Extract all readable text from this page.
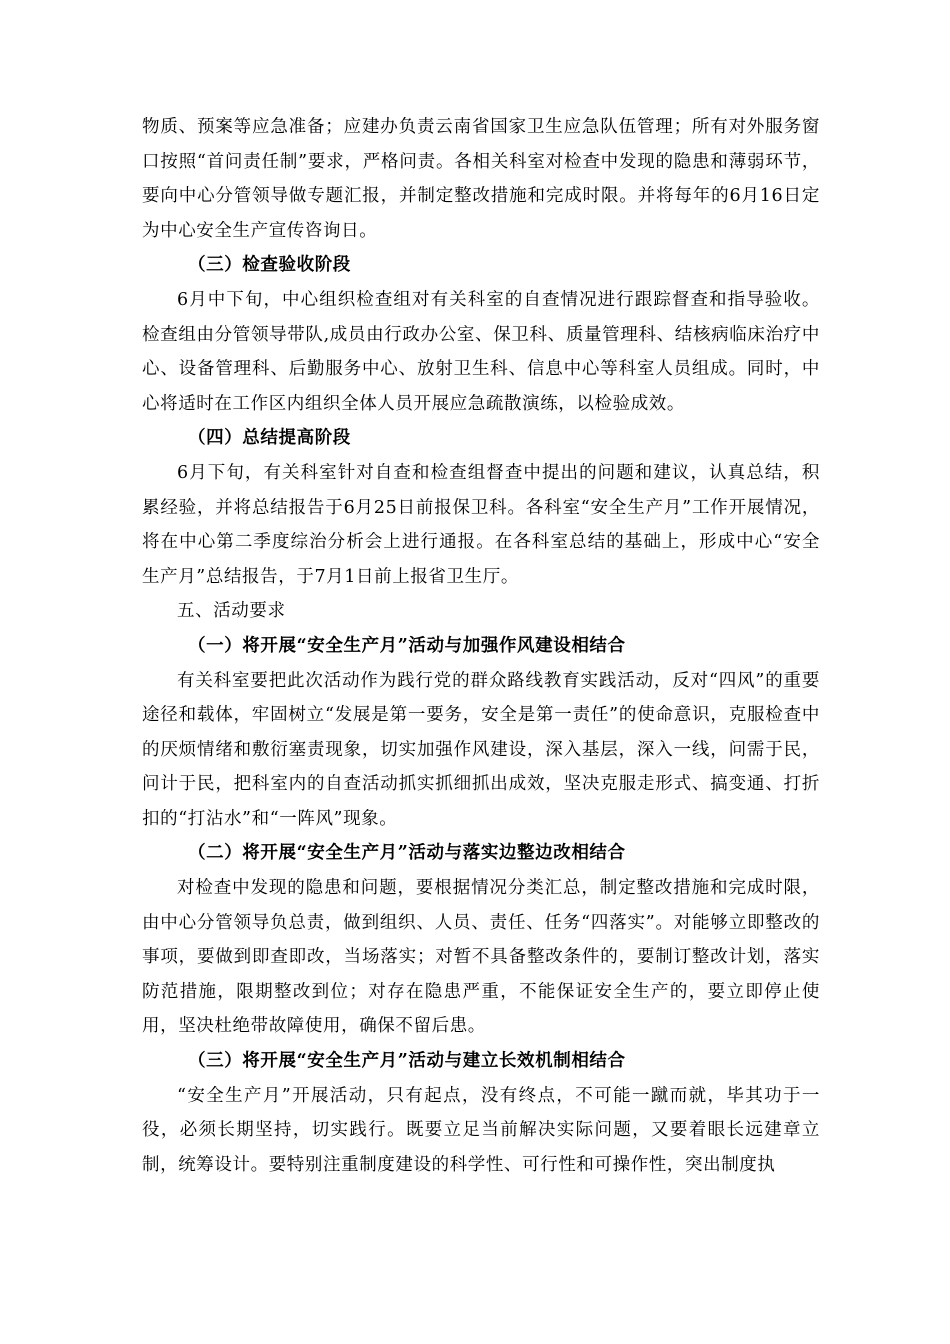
物质、预案等应急准备；应建办负责云南省国家卫生应急队伍管理；所有对外服务窗口按照“首问责任制”要求，严格问责。各相关科室对检查中发现的隐患和薄弱环节，要向中心分管领导做专题汇报，并制定整改措施和完成时限。并将每年的6月16日定为中心安全生产宣传咨询日。

（三）检查验收阶段

6月中下旬，中心组织检查组对有关科室的自查情况进行跟踪督查和指导验收。检查组由分管领导带队,成员由行政办公室、保卫科、质量管理科、结核病临床治疗中心、设备管理科、后勤服务中心、放射卫生科、信息中心等科室人员组成。同时，中心将适时在工作区内组织全体人员开展应急疏散演练，以检验成效。

（四）总结提高阶段

6月下旬，有关科室针对自查和检查组督查中提出的问题和建议，认真总结，积累经验，并将总结报告于6月25日前报保卫科。各科室“安全生产月”工作开展情况，将在中心第二季度综治分析会上进行通报。在各科室总结的基础上，形成中心“安全生产月”总结报告，于7月1日前上报省卫生厅。

五、活动要求

（一）将开展“安全生产月”活动与加强作风建设相结合

有关科室要把此次活动作为践行党的群众路线教育实践活动，反对“四风”的重要途径和载体，牢固树立“发展是第一要务，安全是第一责任”的使命意识，克服检查中的厌烦情绪和敷衍塞责现象，切实加强作风建设，深入基层，深入一线，问需于民，问计于民，把科室内的自查活动抓实抓细抓出成效，坚决克服走形式、搞变通、打折扣的“打沾水”和“一阵风”现象。

（二）将开展“安全生产月”活动与落实边整边改相结合

对检查中发现的隐患和问题，要根据情况分类汇总，制定整改措施和完成时限，由中心分管领导负总责，做到组织、人员、责任、任务“四落实”。对能够立即整改的事项，要做到即查即改，当场落实；对暂不具备整改条件的，要制订整改计划，落实防范措施，限期整改到位；对存在隐患严重，不能保证安全生产的，要立即停止使用，坚决杜绝带故障使用，确保不留后患。

（三）将开展“安全生产月”活动与建立长效机制相结合

“安全生产月”开展活动，只有起点，没有终点，不可能一蹴而就，毕其功于一役，必须长期坚持，切实践行。既要立足当前解决实际问题，又要着眼长远建章立制，统筹设计。要特别注重制度建设的科学性、可行性和可操作性，突出制度执
